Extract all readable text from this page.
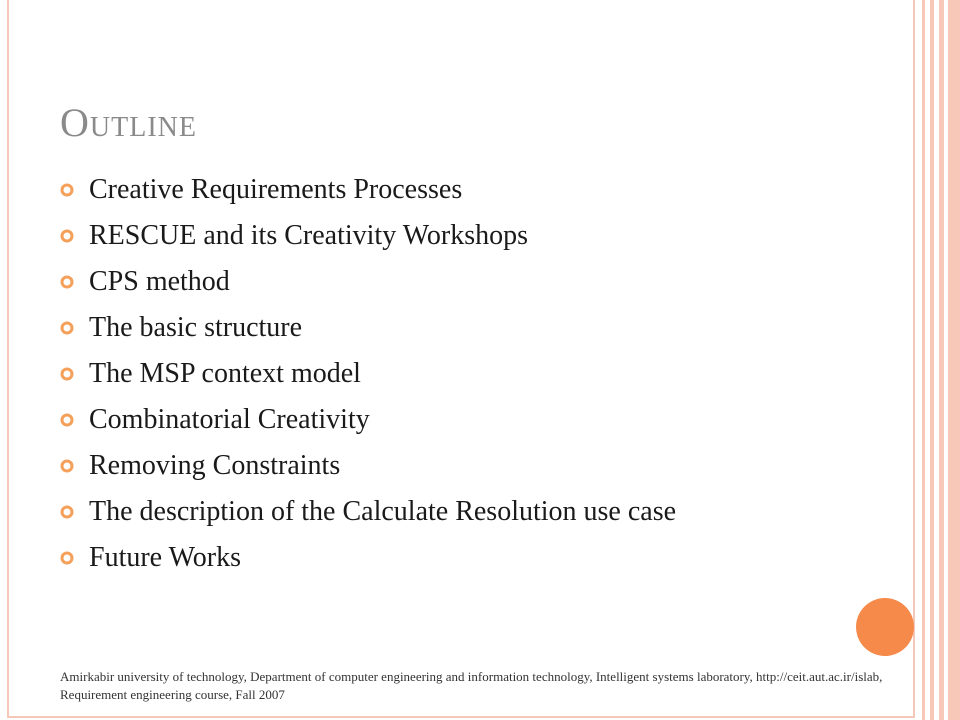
Outline
Creative Requirements Processes
RESCUE and its Creativity Workshops
CPS method
The basic structure
The MSP context model
Combinatorial Creativity
Removing Constraints
The description of the Calculate Resolution use case
Future Works

Amirkabir university of technology, Department of computer engineering and information technology, Intelligent systems laboratory, http://ceit.aut.ac.ir/islab, Requirement engineering course, Fall 2007
